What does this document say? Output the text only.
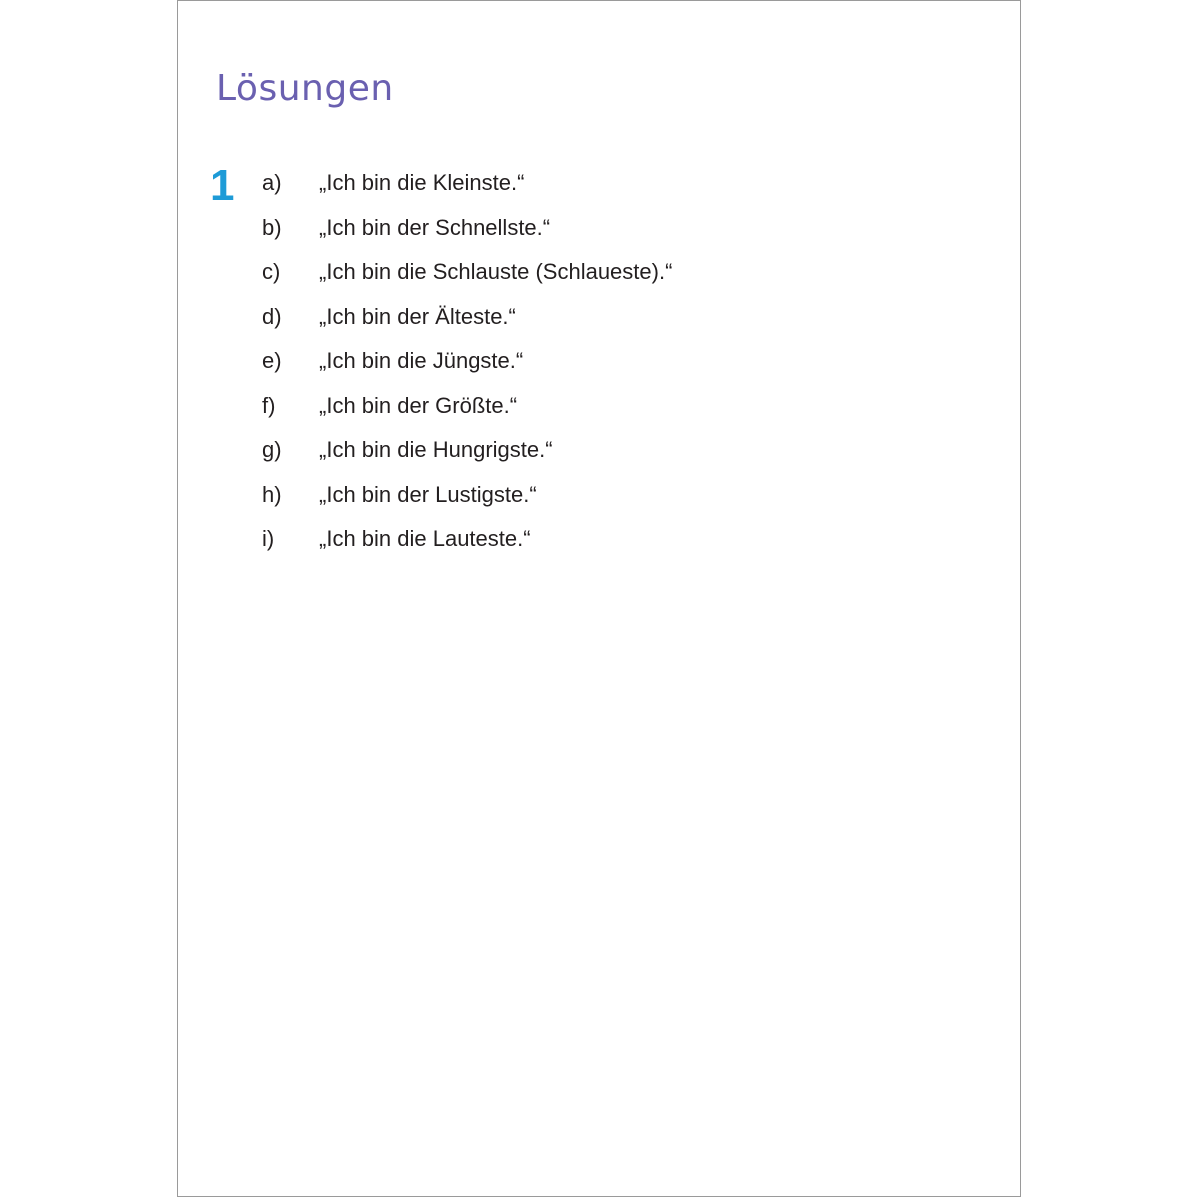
Lösungen
1 a)	„Ich bin die Kleinste.“
b)	„Ich bin der Schnellste.“
c)	„Ich bin die Schlauste (Schlaueste).“
d)	„Ich bin der Älteste.“
e)	„Ich bin die Jüngste.“
f)	„Ich bin der Größte.“
g)	„Ich bin die Hungrigste.“
h)	„Ich bin der Lustigste.“
i)	„Ich bin die Lauteste.“
